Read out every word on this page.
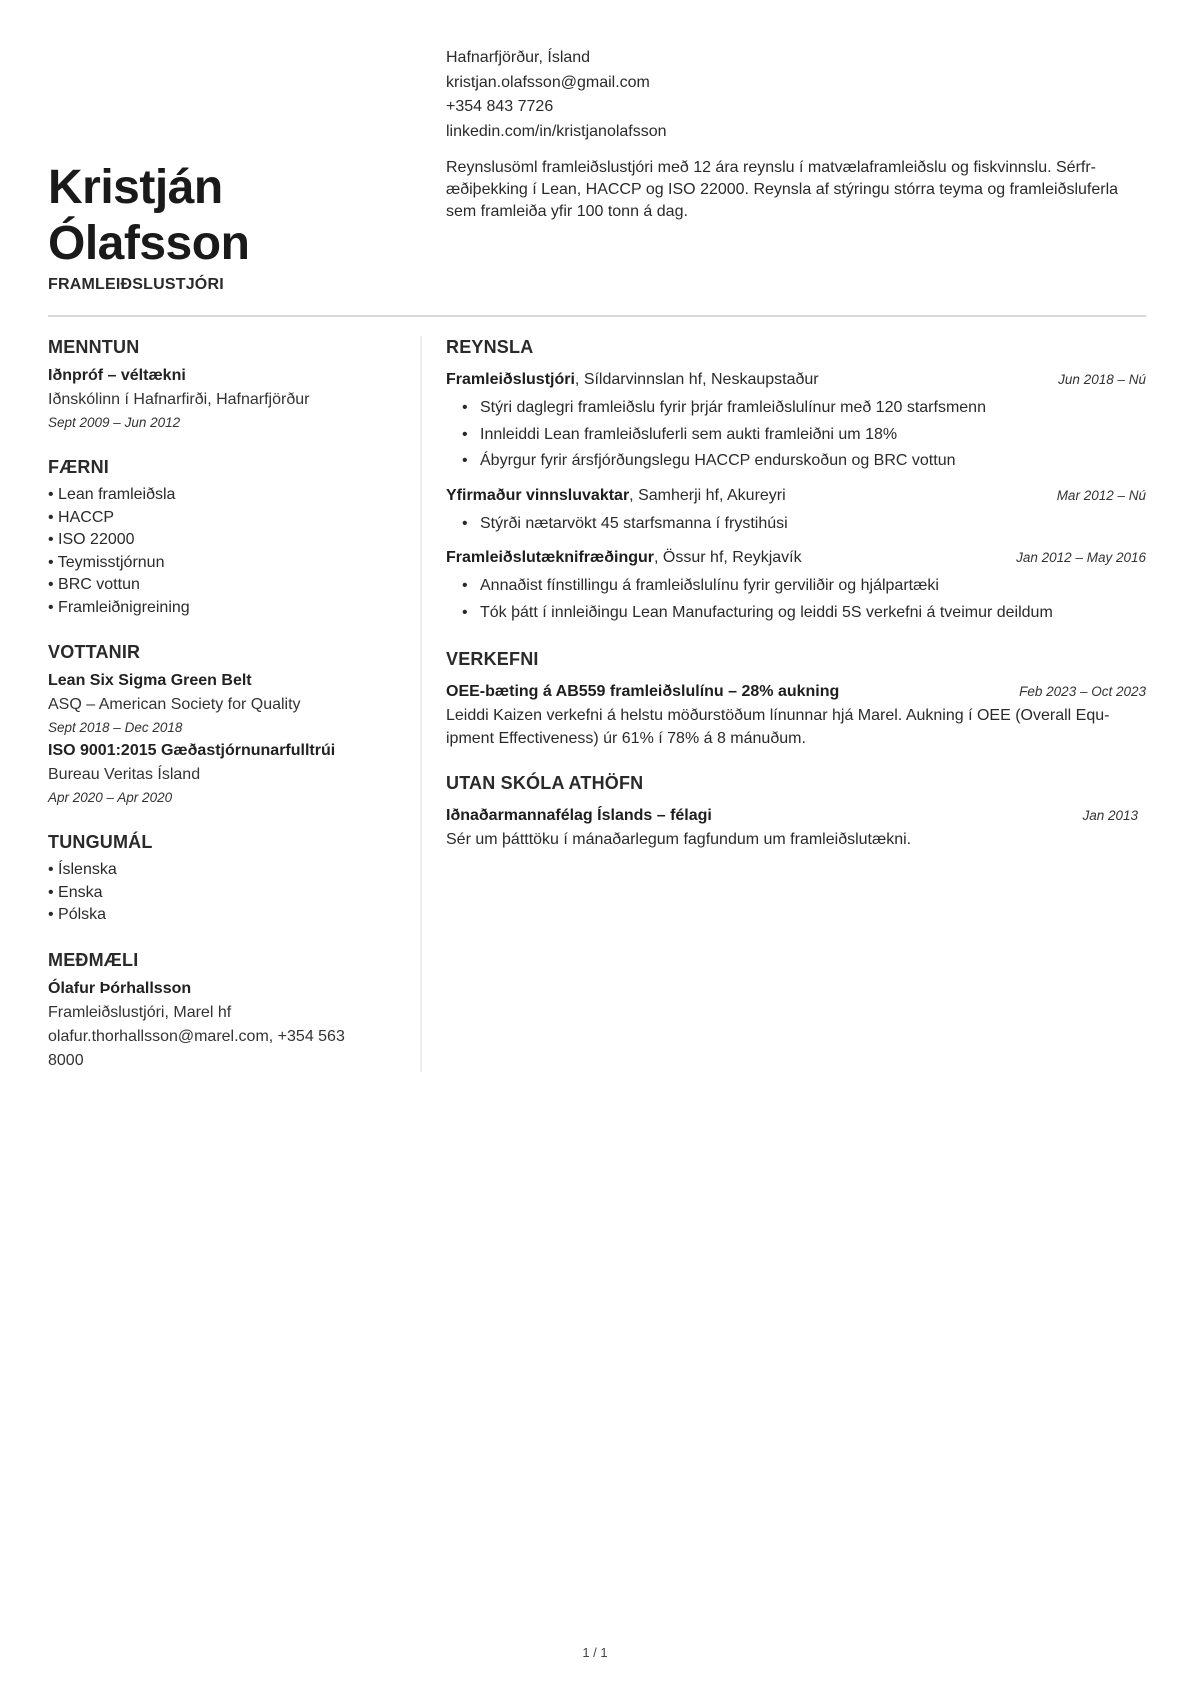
Kristján
Ólafsson
FRAMLEIÐSLUSTJÓRI
Hafnarfjörður, Ísland
kristjan.olafsson@gmail.com
+354 843 7726
linkedin.com/in/kristjanolafsson
Reynslusöml framleiðslustjóri með 12 ára reynslu í matvælaframleiðslu og fiskvinnslu. Sérfr-æðiþekking í Lean, HACCP og ISO 22000. Reynsla af stýringu stórra teyma og framleiðsluferla sem framleiða yfir 100 tonn á dag.
MENNTUN
Iðnpróf – véltækni
Iðnskólinn í Hafnarfirði, Hafnarfjörður
Sept 2009 – Jun 2012
FÆRNI
• Lean framleiðsla
• HACCP
• ISO 22000
• Teymisstjórnun
• BRC vottun
• Framleiðnigreining
VOTTANIR
Lean Six Sigma Green Belt
ASQ – American Society for Quality
Sept 2018 – Dec 2018
ISO 9001:2015 Gæðastjórnunarfulltrúi
Bureau Veritas Ísland
Apr 2020 – Apr 2020
TUNGUMÁL
• Íslenska
• Enska
• Pólska
MEÐMÆLI
Ólafur Þórhallsson
Framleiðslustjóri, Marel hf
olafur.thorhallsson@marel.com, +354 563
8000
REYNSLA
Framleiðslustjóri, Síldarvinnslan hf, Neskaupstaður	Jun 2018 – Nú
• Stýri daglegri framleiðslu fyrir þrjár framleiðslulínur með 120 starfsmenn
• Innleiddi Lean framleiðsluferli sem aukti framleiðni um 18%
• Ábyrgur fyrir ársfjórðungslegu HACCP endurskoðun og BRC vottun
Yfirmaður vinnsluvaktar, Samherji hf, Akureyri	Mar 2012 – Nú
• Stýrði nætarvökt 45 starfsmanna í frystihúsi
Framleiðslutæknifræðingur, Össur hf, Reykjavík	Jan 2012 – May 2016
• Annaðist fínstillingu á framleiðslulínu fyrir gerviliðir og hjálpartæki
• Tók þátt í innleiðingu Lean Manufacturing og leiddi 5S verkefni á tveimur deildum
VERKEFNI
OEE-bæting á AB559 framleiðslulínu – 28% aukning	Feb 2023 – Oct 2023
Leiddi Kaizen verkefni á helstu möðurstöðum línunnar hjá Marel. Aukning í OEE (Overall Equ-ipment Effectiveness) úr 61% í 78% á 8 mánuðum.
UTAN SKÓLA ATHÖFN
Iðnaðarmannafélag Íslands – félagi	Jan 2013
Sér um þátttöku í mánaðarlegum fagfundum um framleiðslutækni.
1 / 1
